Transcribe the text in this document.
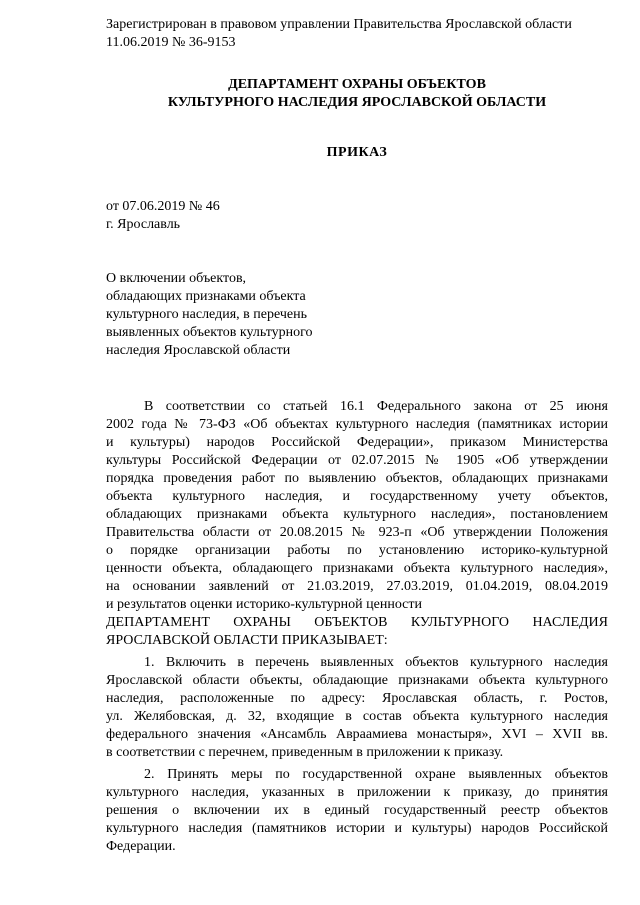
Зарегистрирован в правовом управлении Правительства Ярославской области
11.06.2019 № 36-9153
ДЕПАРТАМЕНТ ОХРАНЫ ОБЪЕКТОВ
КУЛЬТУРНОГО НАСЛЕДИЯ ЯРОСЛАВСКОЙ ОБЛАСТИ
ПРИКАЗ
от 07.06.2019 № 46
г. Ярославль
О включении объектов,
обладающих признаками объекта
культурного наследия, в перечень
выявленных объектов культурного
наследия Ярославской области
В соответствии со статьей 16.1 Федерального закона от 25 июня
2002 года № 73-ФЗ «Об объектах культурного наследия (памятниках истории
и культуры) народов Российской Федерации», приказом Министерства
культуры Российской Федерации от 02.07.2015 № 1905 «Об утверждении
порядка проведения работ по выявлению объектов, обладающих признаками
объекта культурного наследия, и государственному учету объектов,
обладающих признаками объекта культурного наследия», постановлением
Правительства области от 20.08.2015 № 923-п «Об утверждении Положения
о порядке организации работы по установлению историко-культурной
ценности объекта, обладающего признаками объекта культурного наследия»,
на основании заявлений от 21.03.2019, 27.03.2019, 01.04.2019, 08.04.2019
и результатов оценки историко-культурной ценности
ДЕПАРТАМЕНТ ОХРАНЫ ОБЪЕКТОВ КУЛЬТУРНОГО НАСЛЕДИЯ
ЯРОСЛАВСКОЙ ОБЛАСТИ ПРИКАЗЫВАЕТ:
1. Включить в перечень выявленных объектов культурного наследия
Ярославской области объекты, обладающие признаками объекта культурного
наследия, расположенные по адресу: Ярославская область, г. Ростов,
ул. Желябовская, д. 32, входящие в состав объекта культурного наследия
федерального значения «Ансамбль Авраамиева монастыря», XVI – XVII вв.
в соответствии с перечнем, приведенным в приложении к приказу.
2. Принять меры по государственной охране выявленных объектов
культурного наследия, указанных в приложении к приказу, до принятия
решения о включении их в единый государственный реестр объектов
культурного наследия (памятников истории и культуры) народов Российской
Федерации.
